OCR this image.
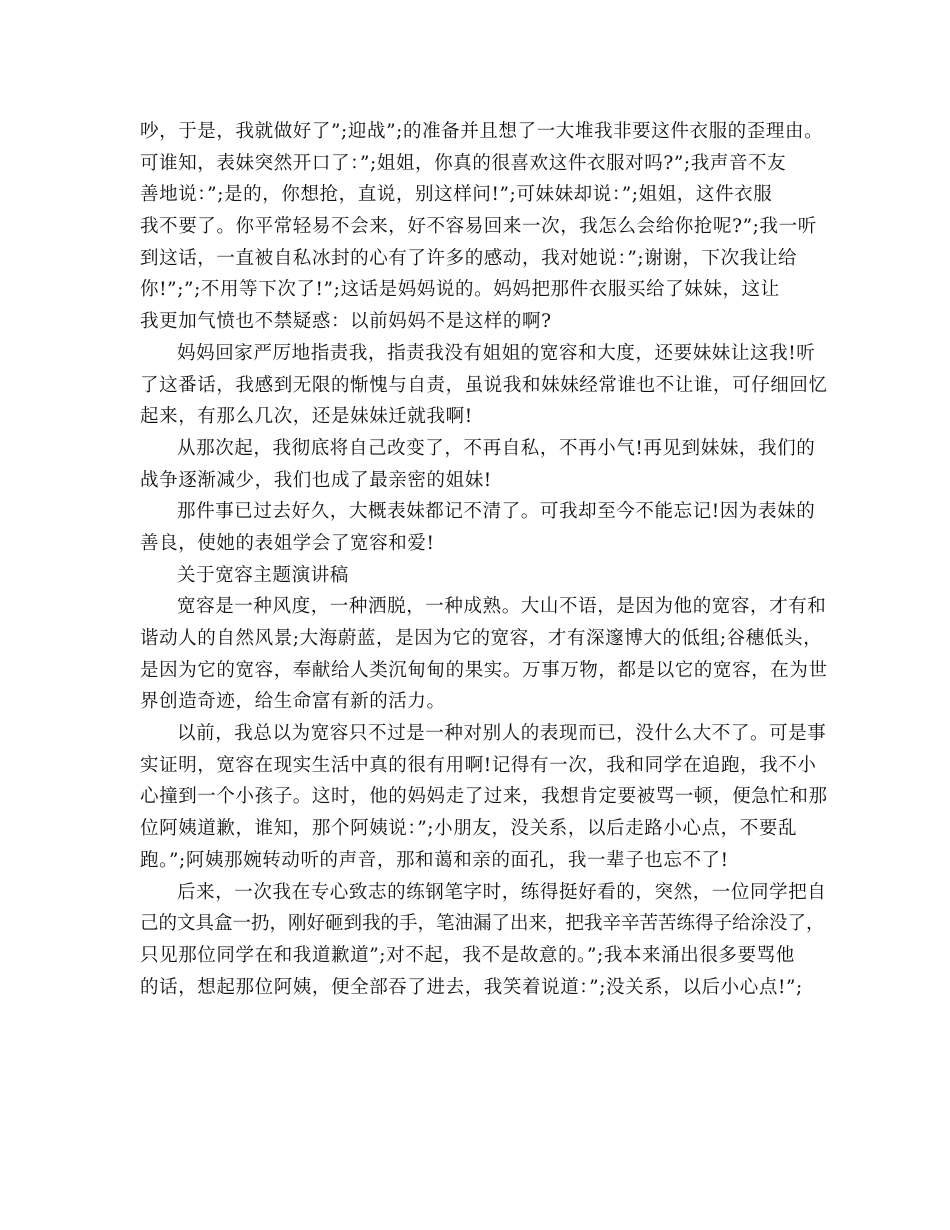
吵，于是，我就做好了”;迎战”;的准备并且想了一大堆我非要这件衣服的歪理由。
可谁知，表妹突然开口了：”;姐姐，你真的很喜欢这件衣服对吗?”;我声音不友
善地说：”;是的，你想抢，直说，别这样问!”;可妹妹却说：”;姐姐，这件衣服
我不要了。你平常轻易不会来，好不容易回来一次，我怎么会给你抢呢?”;我一听
到这话，一直被自私冰封的心有了许多的感动，我对她说：”;谢谢，下次我让给
你!”;”;不用等下次了!”;这话是妈妈说的。妈妈把那件衣服买给了妹妹，这让
我更加气愤也不禁疑惑：以前妈妈不是这样的啊?
妈妈回家严厉地指责我，指责我没有姐姐的宽容和大度，还要妹妹让这我!听
了这番话，我感到无限的惭愧与自责，虽说我和妹妹经常谁也不让谁，可仔细回忆
起来，有那么几次，还是妹妹迁就我啊!
从那次起，我彻底将自己改变了，不再自私，不再小气!再见到妹妹，我们的
战争逐渐减少，我们也成了最亲密的姐妹!
那件事已过去好久，大概表妹都记不清了。可我却至今不能忘记!因为表妹的
善良，使她的表姐学会了宽容和爱!
关于宽容主题演讲稿
宽容是一种风度，一种洒脱，一种成熟。大山不语，是因为他的宽容，才有和
谐动人的自然风景;大海蔚蓝，是因为它的宽容，才有深邃博大的低组;谷穗低头，
是因为它的宽容，奉献给人类沉甸甸的果实。万事万物，都是以它的宽容，在为世
界创造奇迹，给生命富有新的活力。
以前，我总以为宽容只不过是一种对别人的表现而已，没什么大不了。可是事
实证明，宽容在现实生活中真的很有用啊!记得有一次，我和同学在追跑，我不小
心撞到一个小孩子。这时，他的妈妈走了过来，我想肯定要被骂一顿，便急忙和那
位阿姨道歉，谁知，那个阿姨说：”;小朋友，没关系，以后走路小心点，不要乱
跑。”;阿姨那婉转动听的声音，那和蔼和亲的面孔，我一辈子也忘不了!
后来，一次我在专心致志的练钢笔字时，练得挺好看的，突然，一位同学把自
己的文具盒一扔，刚好砸到我的手，笔油漏了出来，把我辛辛苦苦练得子给涂没了，
只见那位同学在和我道歉道”;对不起，我不是故意的。”;我本来涌出很多要骂他
的话，想起那位阿姨，便全部吞了进去，我笑着说道：”;没关系，以后小心点!”;
